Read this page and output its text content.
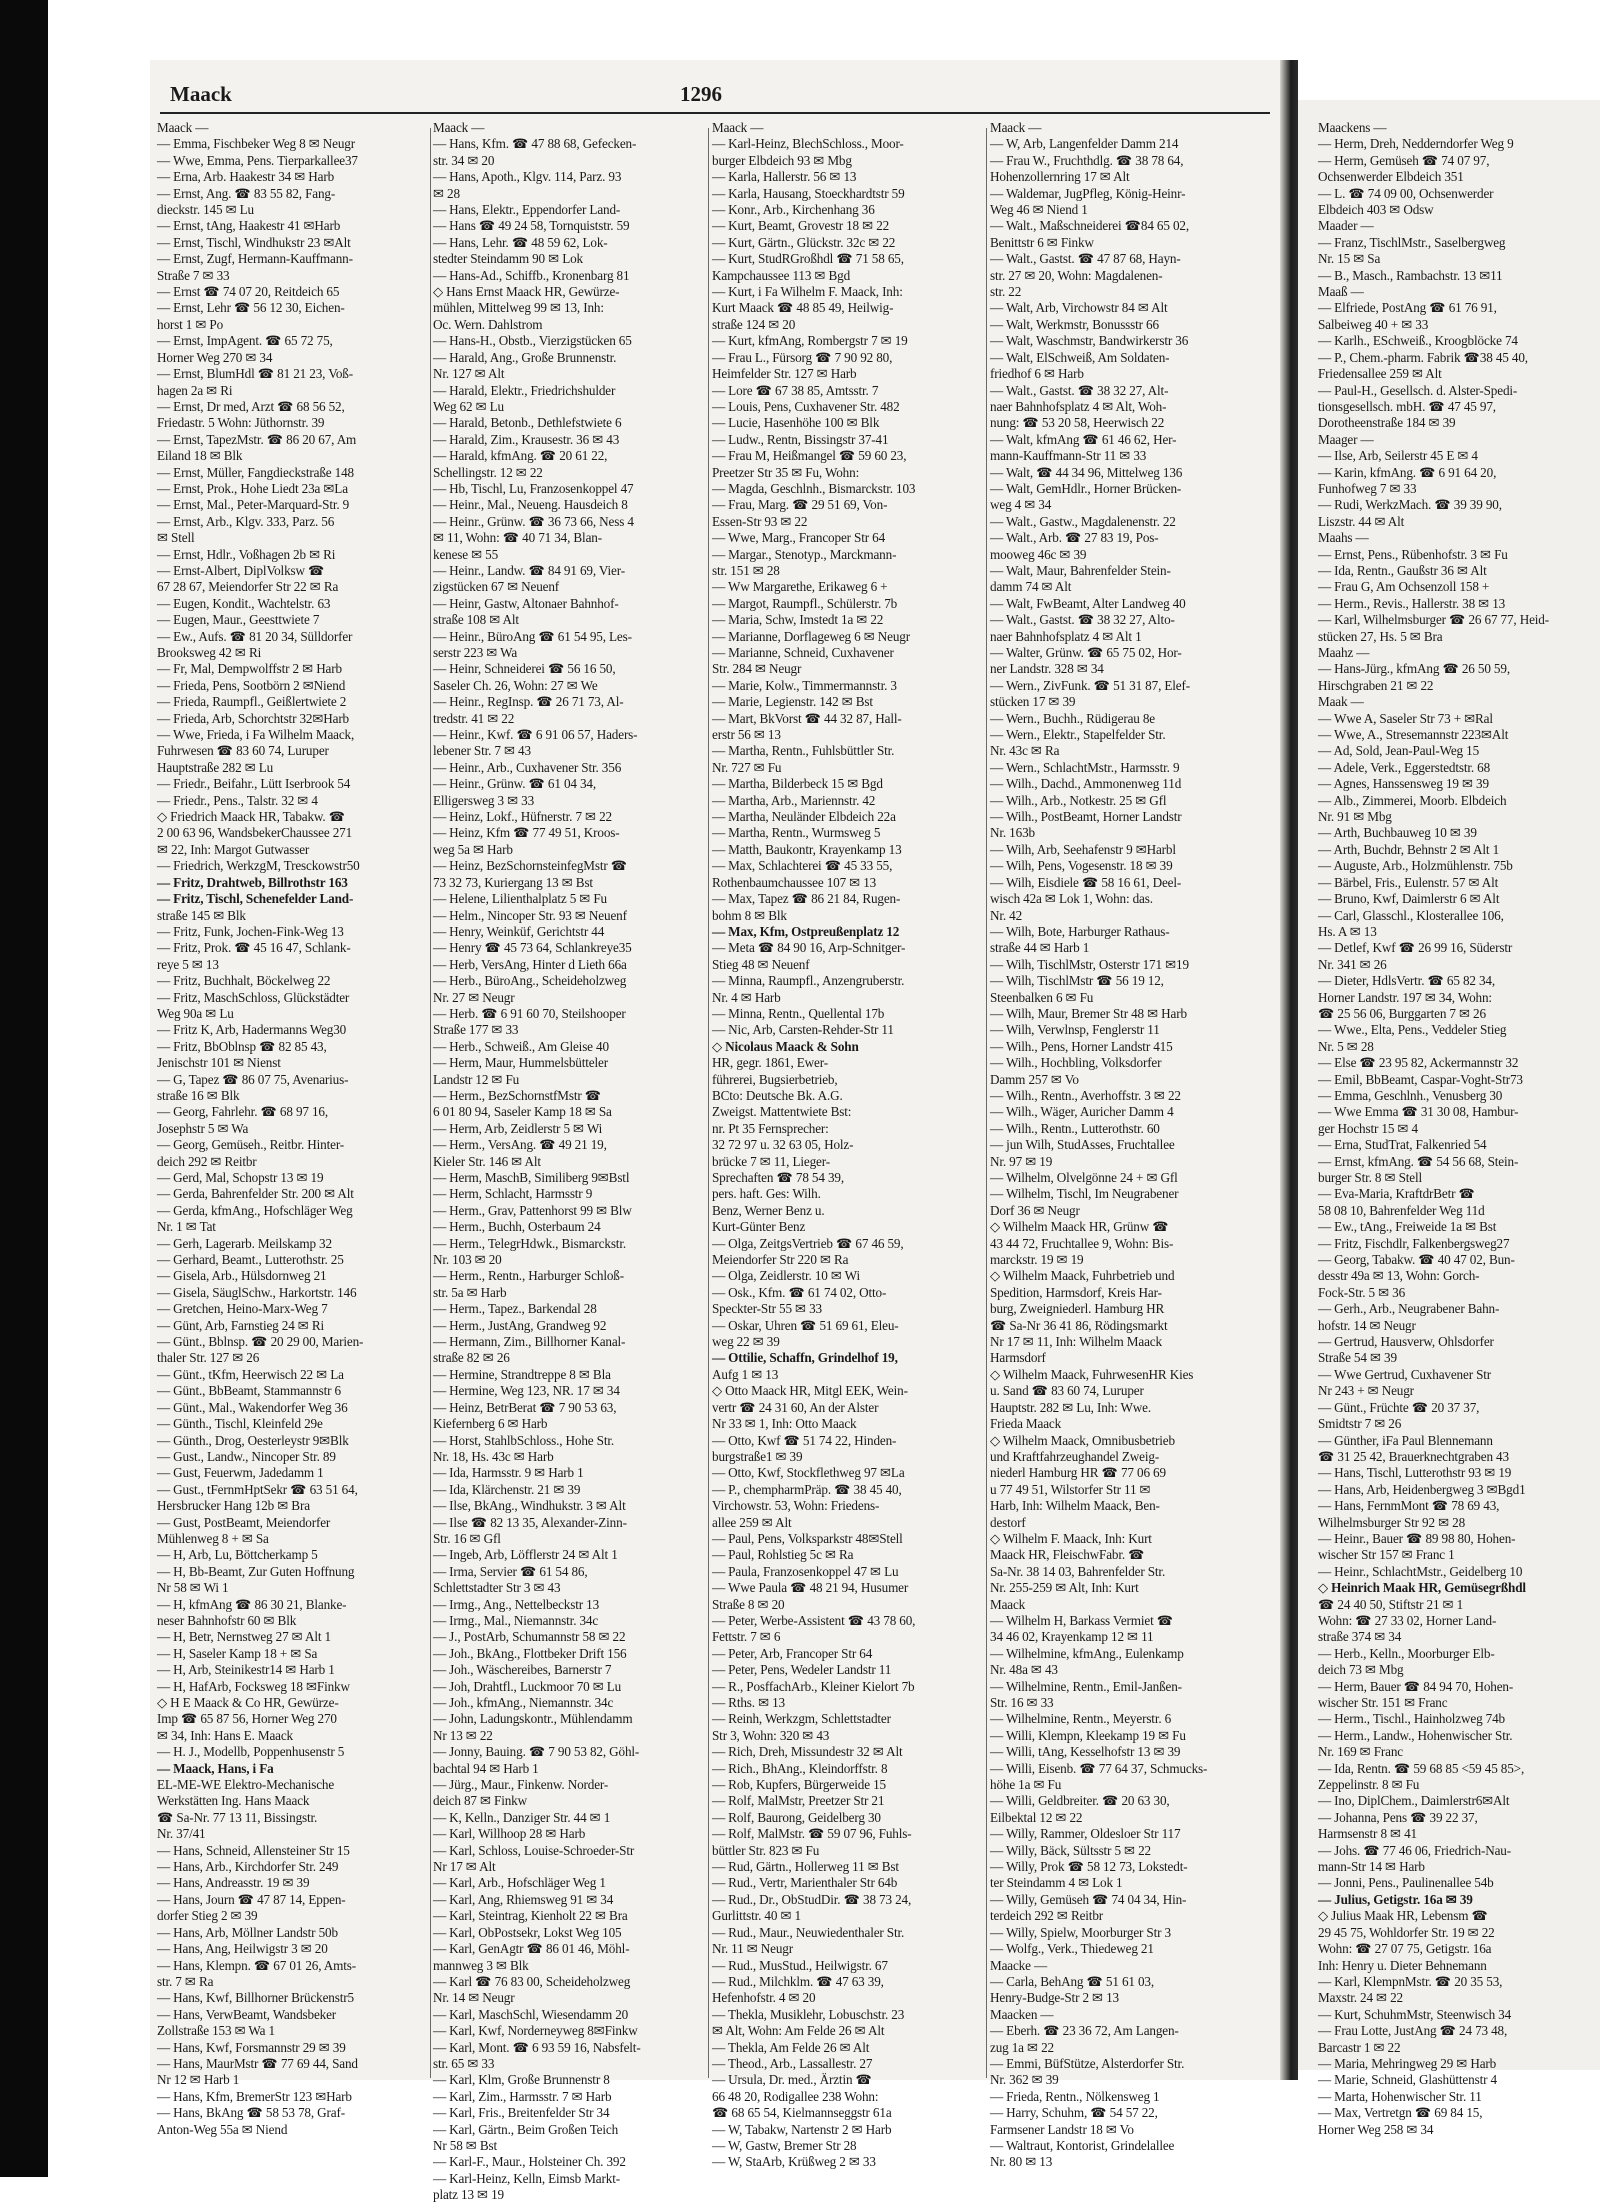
Maack	1296
Maack —
— Emma, Fischbeker Weg 8 ✉ Neugr
— Wwe, Emma, Pens. Tierparkallee37
— Erna, Arb. Haakestr 34 ✉ Harb
— Ernst, Ang. ☎ 83 55 82, Fang-
dieckstr. 145 ✉ Lu
— Ernst, tAng, Haakestr 41 ✉Harb
— Ernst, Tischl, Windhukstr 23 ✉Alt
— Ernst, Zugf, Hermann-Kauffmann-
Straße 7 ✉ 33
— Ernst ☎ 74 07 20, Reitdeich 65
— Ernst, Lehr ☎ 56 12 30, Eichen-
horst 1 ✉ Po
— Ernst, ImpAgent. ☎ 65 72 75,
Horner Weg 270 ✉ 34
— Ernst, BlumHdl ☎ 81 21 23, Voß-
hagen 2a ✉ Ri
— Ernst, Dr med, Arzt ☎ 68 56 52,
Friedastr. 5 Wohn: Jüthornstr. 39
— Ernst, TapezMstr. ☎ 86 20 67, Am
Eiland 18 ✉ Blk
— Ernst, Müller, Fangdieckstraße 148
— Ernst, Prok., Hohe Liedt 23a ✉La
— Ernst, Mal., Peter-Marquard-Str. 9
— Ernst, Arb., Klgv. 333, Parz. 56
✉ Stell
— Ernst, Hdlr., Voßhagen 2b ✉ Ri
— Ernst-Albert, DiplVolksw ☎
67 28 67, Meiendorfer Str 22 ✉ Ra
— Eugen, Kondit., Wachtelstr. 63
— Eugen, Maur., Geesttwiete 7
— Ew., Aufs. ☎ 81 20 34, Sülldorfer
Brooksweg 42 ✉ Ri
— Fr, Mal, Dempwolffstr 2 ✉ Harb
— Frieda, Pens, Sootbörn 2 ✉Niend
— Frieda, Raumpfl., Geißlertwiete 2
— Frieda, Arb, Schorchtstr 32✉Harb
— Wwe, Frieda, i Fa Wilhelm Maack,
Fuhrwesen ☎ 83 60 74, Luruper
Hauptstraße 282 ✉ Lu
— Friedr., Beifahr., Lütt Iserbrook 54
— Friedr., Pens., Talstr. 32 ✉ 4
◇ Friedrich Maack HR, Tabakw. ☎
2 00 63 96, WandsbekerChaussee 271
✉ 22, Inh: Margot Gutwasser
— Friedrich, WerkzgM, Tresckowstr50
— Fritz, Drahtweb, Billrothstr 163
— Fritz, Tischl, Schenefelder Land-
straße 145 ✉ Blk
— Fritz, Funk, Jochen-Fink-Weg 13
— Fritz, Prok. ☎ 45 16 47, Schlank-
reye 5 ✉ 13
— Fritz, Buchhalt, Böckelweg 22
— Fritz, MaschSchloss, Glückstädter
Weg 90a ✉ Lu
— Fritz K, Arb, Hadermanns Weg30
— Fritz, BbOblnsp ☎ 82 85 43,
Jenischstr 101 ✉ Nienst
— G, Tapez ☎ 86 07 75, Avenarius-
straße 16 ✉ Blk
— Georg, Fahrlehr. ☎ 68 97 16,
Josephstr 5 ✉ Wa
— Georg, Gemüseh., Reitbr. Hinter-
deich 292 ✉ Reitbr
— Gerd, Mal, Schopstr 13 ✉ 19
— Gerda, Bahrenfelder Str. 200 ✉ Alt
— Gerda, kfmAng., Hofschläger Weg
Nr. 1 ✉ Tat
— Gerh, Lagerarb. Meilskamp 32
— Gerhard, Beamt., Lutterothstr. 25
— Gisela, Arb., Hülsdornweg 21
— Gisela, SäuglSchw., Harkortstr. 146
— Gretchen, Heino-Marx-Weg 7
— Günt, Arb, Farnstieg 24 ✉ Ri
— Günt., Bblnsp. ☎ 20 29 00, Marien-
thaler Str. 127 ✉ 26
— Günt., tKfm, Heerwisch 22 ✉ La
— Günt., BbBeamt, Stammannstr 6
— Günt., Mal., Wakendorfer Weg 36
— Günth., Tischl, Kleinfeld 29e
— Günth., Drog, Oesterleystr 9✉Blk
— Gust., Landw., Nincoper Str. 89
— Gust, Feuerwm, Jadedamm 1
— Gust., tFernmHptSekr ☎ 63 51 64,
Hersbrucker Hang 12b ✉ Bra
— Gust, PostBeamt, Meiendorfer
Mühlenweg 8 + ✉ Sa
— H, Arb, Lu, Böttcherkamp 5
— H, Bb-Beamt, Zur Guten Hoffnung
Nr 58 ✉ Wi 1
— H, kfmAng ☎ 86 30 21, Blanke-
neser Bahnhofstr 60 ✉ Blk
— H, Betr, Nernstweg 27 ✉ Alt 1
— H, Saseler Kamp 18 + ✉ Sa
— H, Arb, Steinikestr14 ✉ Harb 1
— H, HafArb, Focksweg 18 ✉Finkw
◇ H E Maack & Co HR, Gewürze-
Imp ☎ 65 87 56, Horner Weg 270
✉ 34, Inh: Hans E. Maack
— H. J., Modellb, Poppenhusenstr 5
— Maack, Hans, i Fa
EL-ME-WE Elektro-Mechanische
Werkstätten Ing. Hans Maack
☎ Sa-Nr. 77 13 11, Bissingstr.
Nr. 37/41
— Hans, Schneid, Allensteiner Str 15
— Hans, Arb., Kirchdorfer Str. 249
— Hans, Andreasstr. 19 ✉ 39
— Hans, Journ ☎ 47 87 14, Eppen-
dorfer Stieg 2 ✉ 39
— Hans, Arb, Möllner Landstr 50b
— Hans, Ang, Heilwigstr 3 ✉ 20
— Hans, Klempn. ☎ 67 01 26, Amts-
str. 7 ✉ Ra
— Hans, Kwf, Billhorner Brückenstr5
— Hans, VerwBeamt, Wandsbeker
Zollstraße 153 ✉ Wa 1
— Hans, Kwf, Forsmannstr 29 ✉ 39
— Hans, MaurMstr ☎ 77 69 44, Sand
Nr 12 ✉ Harb 1
— Hans, Kfm, BremerStr 123 ✉Harb
— Hans, BkAng ☎ 58 53 78, Graf-
Anton-Weg 55a ✉ Niend
Maack —
— Hans, Kfm. ☎ 47 88 68, Gefecken-
str. 34 ✉ 20
— Hans, Apoth., Klgv. 114, Parz. 93
✉ 28
— Hans, Elektr., Eppendorfer Land-
— Hans ☎ 49 24 58, Tornquiststr. 59
— Hans, Lehr. ☎ 48 59 62, Lok-
stedter Steindamm 90 ✉ Lok
— Hans-Ad., Schiffb., Kronenbarg 81
◇ Hans Ernst Maack HR, Gewürze-
mühlen, Mittelweg 99 ✉ 13, Inh:
Oc. Wern. Dahlstrom
— Hans-H., Obstb., Vierzigstücken 65
— Harald, Ang., Große Brunnenstr.
Nr. 127 ✉ Alt
— Harald, Elektr., Friedrichshulder
Weg 62 ✉ Lu
— Harald, Betonb., Dethlefstwiete 6
— Harald, Zim., Krausestr. 36 ✉ 43
— Harald, kfmAng. ☎ 20 61 22,
Schellingstr. 12 ✉ 22
— Hb, Tischl, Lu, Franzosenkoppel 47
— Heinr., Mal., Neueng. Hausdeich 8
— Heinr., Grünw. ☎ 36 73 66, Ness 4
✉ 11, Wohn: ☎ 40 71 34, Blan-
kenese ✉ 55
— Heinr., Landw. ☎ 84 91 69, Vier-
zigstücken 67 ✉ Neuenf
— Heinr, Gastw, Altonaer Bahnhof-
straße 108 ✉ Alt
— Heinr., BüroAng ☎ 61 54 95, Les-
serstr 223 ✉ Wa
— Heinr, Schneiderei ☎ 56 16 50,
Saseler Ch. 26, Wohn: 27 ✉ We
— Heinr., RegInsp. ☎ 26 71 73, Al-
tredstr. 41 ✉ 22
— Heinr., Kwf. ☎ 6 91 06 57, Haders-
lebener Str. 7 ✉ 43
— Heinr., Arb., Cuxhavener Str. 356
— Heinr., Grünw. ☎ 61 04 34,
Elligersweg 3 ✉ 33
— Heinz, Lokf., Hüfnerstr. 7 ✉ 22
— Heinz, Kfm ☎ 77 49 51, Kroos-
weg 5a ✉ Harb
— Heinz, BezSchornsteinfegMstr ☎
73 32 73, Kuriergang 13 ✉ Bst
— Helene, Lilienthalplatz 5 ✉ Fu
— Helm., Nincoper Str. 93 ✉ Neuenf
— Henry, Weinküf, Gerichtstr 44
— Henry ☎ 45 73 64, Schlankreye35
— Herb, VersAng, Hinter d Lieth 66a
— Herb., BüroAng., Scheideholzweg
Nr. 27 ✉ Neugr
— Herb. ☎ 6 91 60 70, Steilshooper
Straße 177 ✉ 33
— Herb., Schweiß., Am Gleise 40
— Herm, Maur, Hummelsbütteler
Landstr 12 ✉ Fu
— Herm., BezSchornstfMstr ☎
6 01 80 94, Saseler Kamp 18 ✉ Sa
— Herm, Arb, Zeidlerstr 5 ✉ Wi
— Herm., VersAng. ☎ 49 21 19,
Kieler Str. 146 ✉ Alt
— Herm, MaschB, Similiberg 9✉Bstl
— Herm, Schlacht, Harmsstr 9
— Herm., Grav, Pattenhorst 99 ✉ Blw
— Herm., Buchh, Osterbaum 24
— Herm., TelegrHdwk., Bismarckstr.
Nr. 103 ✉ 20
— Herm., Rentn., Harburger Schloß-
str. 5a ✉ Harb
— Herm., Tapez., Barkendal 28
— Herm., JustAng, Grandweg 92
— Hermann, Zim., Billhorner Kanal-
straße 82 ✉ 26
— Hermine, Strandtreppe 8 ✉ Bla
— Hermine, Weg 123, NR. 17 ✉ 34
— Heinz, BetrBerat ☎ 7 90 53 63,
Kiefernberg 6 ✉ Harb
— Horst, StahlbSchloss., Hohe Str.
Nr. 18, Hs. 43c ✉ Harb
— Ida, Harmsstr. 9 ✉ Harb 1
— Ida, Klärchenstr. 21 ✉ 39
— Ilse, BkAng., Windhukstr. 3 ✉ Alt
— Ilse ☎ 82 13 35, Alexander-Zinn-
Str. 16 ✉ Gfl
— Ingeb, Arb, Löfflerstr 24 ✉ Alt 1
— Irma, Servier ☎ 61 54 86,
Schlettstadter Str 3 ✉ 43
— Irmg., Ang., Nettelbeckstr 13
— Irmg., Mal., Niemannstr. 34c
— J., PostArb, Schumannstr 58 ✉ 22
— Joh., BkAng., Flottbeker Drift 156
— Joh., Wäschereibes, Barnerstr 7
— Joh, Drahtfl., Luckmoor 70 ✉ Lu
— Joh., kfmAng., Niemannstr. 34c
— John, Ladungskontr., Mühlendamm
Nr 13 ✉ 22
— Jonny, Bauing. ☎ 7 90 53 82, Göhl-
bachtal 94 ✉ Harb 1
— Jürg., Maur., Finkenw. Norder-
deich 87 ✉ Finkw
— K, Kelln., Danziger Str. 44 ✉ 1
— Karl, Willhoop 28 ✉ Harb
— Karl, Schloss, Louise-Schroeder-Str
Nr 17 ✉ Alt
— Karl, Arb., Hofschläger Weg 1
— Karl, Ang, Rhiemsweg 91 ✉ 34
— Karl, Steintrag, Kienholt 22 ✉ Bra
— Karl, ObPostsekr, Lokst Weg 105
— Karl, GenAgtr ☎ 86 01 46, Möhl-
mannweg 3 ✉ Blk
— Karl ☎ 76 83 00, Scheideholzweg
Nr. 14 ✉ Neugr
— Karl, MaschSchl, Wiesendamm 20
— Karl, Kwf, Norderneyweg 8✉Finkw
— Karl, Mont. ☎ 6 93 59 16, Nabsfelt-
str. 65 ✉ 33
— Karl, Klm, Große Brunnenstr 8
— Karl, Zim., Harmsstr. 7 ✉ Harb
— Karl, Fris., Breitenfelder Str 34
— Karl, Gärtn., Beim Großen Teich
Nr 58 ✉ Bst
— Karl-F., Maur., Holsteiner Ch. 392
— Karl-Heinz, Kelln, Eimsb Markt-
platz 13 ✉ 19
Maack —
— Karl-Heinz, BlechSchloss., Moor-
burger Elbdeich 93 ✉ Mbg
— Karla, Hallerstr. 56 ✉ 13
— Karla, Hausang, Stoeckhardtstr 59
— Konr., Arb., Kirchenhang 36
— Kurt, Beamt, Grovestr 18 ✉ 22
— Kurt, Gärtn., Glückstr. 32c ✉ 22
— Kurt, StudRGroßhdl ☎ 71 58 65,
Kampchaussee 113 ✉ Bgd
— Kurt, i Fa Wilhelm F. Maack, Inh:
Kurt Maack ☎ 48 85 49, Heilwig-
straße 124 ✉ 20
— Kurt, kfmAng, Rombergstr 7 ✉ 19
— Frau L., Fürsorg ☎ 7 90 92 80,
Heimfelder Str. 127 ✉ Harb
— Lore ☎ 67 38 85, Amtsstr. 7
— Louis, Pens, Cuxhavener Str. 482
— Lucie, Hasenhöhe 100 ✉ Blk
— Ludw., Rentn, Bissingstr 37-41
— Frau M, Heißmangel ☎ 59 60 23,
Preetzer Str 35 ✉ Fu, Wohn:
— Magda, Geschlnh., Bismarckstr. 103
— Frau, Marg. ☎ 29 51 69, Von-
Essen-Str 93 ✉ 22
— Wwe, Marg., Francoper Str 64
— Margar., Stenotyp., Marckmann-
str. 151 ✉ 28
— Ww Margarethe, Erikaweg 6 +
— Margot, Raumpfl., Schülerstr. 7b
— Maria, Schw, Imstedt 1a ✉ 22
— Marianne, Dorflageweg 6 ✉ Neugr
— Marianne, Schneid, Cuxhavener
Str. 284 ✉ Neugr
— Marie, Kolw., Timmermannstr. 3
— Marie, Legienstr. 142 ✉ Bst
— Mart, BkVorst ☎ 44 32 87, Hall-
erstr 56 ✉ 13
— Martha, Rentn., Fuhlsbüttler Str.
Nr. 727 ✉ Fu
— Martha, Bilderbeck 15 ✉ Bgd
— Martha, Arb., Mariennstr. 42
— Martha, Neuländer Elbdeich 22a
— Martha, Rentn., Wurmsweg 5
— Matth, Baukontr, Krayenkamp 13
— Max, Schlachterei ☎ 45 33 55,
Rothenbaumchaussee 107 ✉ 13
— Max, Tapez ☎ 86 21 84, Rugen-
bohm 8 ✉ Blk
— Max, Kfm, Ostpreußenplatz 12
— Meta ☎ 84 90 16, Arp-Schnitger-
Stieg 48 ✉ Neuenf
— Minna, Raumpfl., Anzengruberstr.
Nr. 4 ✉ Harb
— Minna, Rentn., Quellental 17b
— Nic, Arb, Carsten-Rehder-Str 11
◇ Nicolaus Maack & Sohn
HR, gegr. 1861, Ewer-
führerei, Bugsierbetrieb,
BCto: Deutsche Bk. A.G.
Zweigst. Mattentwiete Bst:
nr. Pt 35 Fernsprecher:
32 72 97 u. 32 63 05, Holz-
brücke 7 ✉ 11, Lieger-
Sprechaften ☎ 78 54 39,
pers. haft. Ges: Wilh.
Benz, Werner Benz u.
Kurt-Günter Benz
— Olga, ZeitgsVertrieb ☎ 67 46 59,
Meiendorfer Str 220 ✉ Ra
— Olga, Zeidlerstr. 10 ✉ Wi
— Osk., Kfm. ☎ 61 74 02, Otto-
Speckter-Str 55 ✉ 33
— Oskar, Uhren ☎ 51 69 61, Eleu-
weg 22 ✉ 39
— Ottilie, Schaffn, Grindelhof 19,
Aufg 1 ✉ 13
◇ Otto Maack HR, Mitgl EEK, Wein-
vertr ☎ 24 31 60, An der Alster
Nr 33 ✉ 1, Inh: Otto Maack
— Otto, Kwf ☎ 51 74 22, Hinden-
burgstraße1 ✉ 39
— Otto, Kwf, Stockflethweg 97 ✉La
— P., chempharmPräp. ☎ 38 45 40,
Virchowstr. 53, Wohn: Friedens-
allee 259 ✉ Alt
— Paul, Pens, Volksparkstr 48✉Stell
— Paul, Rohlstieg 5c ✉ Ra
— Paula, Franzosenkoppel 47 ✉ Lu
— Wwe Paula ☎ 48 21 94, Husumer
Straße 8 ✉ 20
— Peter, Werbe-Assistent ☎ 43 78 60,
Fettstr. 7 ✉ 6
— Peter, Arb, Francoper Str 64
— Peter, Pens, Wedeler Landstr 11
— R., PosffachArb., Kleiner Kielort 7b
— Rths. ✉ 13
— Reinh, Werkzgm, Schlettstadter
Str 3, Wohn: 320 ✉ 43
— Rich, Dreh, Missundestr 32 ✉ Alt
— Rich., BhAng., Kleindorffstr. 8
— Rob, Kupfers, Bürgerweide 15
— Rolf, MalMstr, Preetzer Str 21
— Rolf, Baurong, Geidelberg 30
— Rolf, MalMstr. ☎ 59 07 96, Fuhls-
büttler Str. 823 ✉ Fu
— Rud, Gärtn., Hollerweg 11 ✉ Bst
— Rud., Vertr, Marienthaler Str 64b
— Rud., Dr., ObStudDir. ☎ 38 73 24,
Gurlittstr. 40 ✉ 1
— Rud., Maur., Neuwiedenthaler Str.
Nr. 11 ✉ Neugr
— Rud., MusStud., Heilwigstr. 67
— Rud., Milchklm. ☎ 47 63 39,
Hefenhofstr. 4 ✉ 20
— Thekla, Musiklehr, Lobuschstr. 23
✉ Alt, Wohn: Am Felde 26 ✉ Alt
— Thekla, Am Felde 26 ✉ Alt
— Theod., Arb., Lassallestr. 27
— Ursula, Dr. med., Ärztin ☎
66 48 20, Rodigallee 238 Wohn:
☎ 68 65 54, Kielmannseggstr 61a
— W, Tabakw, Nartenstr 2 ✉ Harb
— W, Gastw, Bremer Str 28
— W, StaArb, Krüßweg 2 ✉ 33
Maack —
— W, Arb, Langenfelder Damm 214
— Frau W., Fruchthdlg. ☎ 38 78 64,
Hohenzollernring 17 ✉ Alt
— Waldemar, JugPfleg, König-Heinr-
Weg 46 ✉ Niend 1
— Walt., Maßschneiderei ☎84 65 02,
Benittstr 6 ✉ Finkw
— Walt., Gastst. ☎ 47 87 68, Hayn-
str. 27 ✉ 20, Wohn: Magdalenen-
str. 22
— Walt, Arb, Virchowstr 84 ✉ Alt
— Walt, Werkmstr, Bonussstr 66
— Walt, Waschmstr, Bandwirkerstr 36
— Walt, ElSchweiß, Am Soldaten-
friedhof 6 ✉ Harb
— Walt., Gastst. ☎ 38 32 27, Alt-
naer Bahnhofsplatz 4 ✉ Alt, Woh-
nung: ☎ 53 20 58, Heerwisch 22
— Walt, kfmAng ☎ 61 46 62, Her-
mann-Kauffmann-Str 11 ✉ 33
— Walt, ☎ 44 34 96, Mittelweg 136
— Walt, GemHdlr., Horner Brücken-
weg 4 ✉ 34
— Walt., Gastw., Magdalenenstr. 22
— Walt., Arb. ☎ 27 83 19, Pos-
mooweg 46c ✉ 39
— Walt, Maur, Bahrenfelder Stein-
damm 74 ✉ Alt
— Walt, FwBeamt, Alter Landweg 40
— Walt., Gastst. ☎ 38 32 27, Alto-
naer Bahnhofsplatz 4 ✉ Alt 1
— Walter, Grünw. ☎ 65 75 02, Hor-
ner Landstr. 328 ✉ 34
— Wern., ZivFunk. ☎ 51 31 87, Elef-
stücken 17 ✉ 39
— Wern., Buchh., Rüdigerau 8e
— Wern., Elektr., Stapelfelder Str.
Nr. 43c ✉ Ra
— Wern., SchlachtMstr., Harmsstr. 9
— Wilh., Dachd., Ammonenweg 11d
— Wilh., Arb., Notkestr. 25 ✉ Gfl
— Wilh., PostBeamt, Horner Landstr
Nr. 163b
— Wilh, Arb, Seehafenstr 9 ✉Harbl
— Wilh, Pens, Vogesenstr. 18 ✉ 39
— Wilh, Eisdiele ☎ 58 16 61, Deel-
wisch 42a ✉ Lok 1, Wohn: das.
Nr. 42
— Wilh, Bote, Harburger Rathaus-
straße 44 ✉ Harb 1
— Wilh, TischlMstr, Osterstr 171 ✉19
— Wilh, TischlMstr ☎ 56 19 12,
Steenbalken 6 ✉ Fu
— Wilh, Maur, Bremer Str 48 ✉ Harb
— Wilh, Verwlnsp, Fenglerstr 11
— Wilh., Pens, Horner Landstr 415
— Wilh., Hochbling, Volksdorfer
Damm 257 ✉ Vo
— Wilh., Rentn., Averhoffstr. 3 ✉ 22
— Wilh., Wäger, Auricher Damm 4
— Wilh., Rentn., Lutterothstr. 60
— jun Wilh, StudAsses, Fruchtallee
Nr. 97 ✉ 19
— Wilhelm, Olvelgönne 24 + ✉ Gfl
— Wilhelm, Tischl, Im Neugrabener
Dorf 36 ✉ Neugr
◇ Wilhelm Maack HR, Grünw ☎
43 44 72, Fruchtallee 9, Wohn: Bis-
marckstr. 19 ✉ 19
◇ Wilhelm Maack, Fuhrbetrieb und
Spedition, Harmsdorf, Kreis Har-
burg, Zweigniederl. Hamburg HR
☎ Sa-Nr 36 41 86, Rödingsmarkt
Nr 17 ✉ 11, Inh: Wilhelm Maack
Harmsdorf
◇ Wilhelm Maack, FuhrwesenHR Kies
u. Sand ☎ 83 60 74, Luruper
Hauptstr. 282 ✉ Lu, Inh: Wwe.
Frieda Maack
◇ Wilhelm Maack, Omnibusbetrieb
und Kraftfahrzeughandel Zweig-
niederl Hamburg HR ☎ 77 06 69
u 77 49 51, Wilstorfer Str 11 ✉
Harb, Inh: Wilhelm Maack, Ben-
destorf
◇ Wilhelm F. Maack, Inh: Kurt
Maack HR, FleischwFabr. ☎
Sa-Nr. 38 14 03, Bahrenfelder Str.
Nr. 255-259 ✉ Alt, Inh: Kurt
Maack
— Wilhelm H, Barkass Vermiet ☎
34 46 02, Krayenkamp 12 ✉ 11
— Wilhelmine, kfmAng., Eulenkamp
Nr. 48a ✉ 43
— Wilhelmine, Rentn., Emil-Janßen-
Str. 16 ✉ 33
— Wilhelmine, Rentn., Meyerstr. 6
— Willi, Klempn, Kleekamp 19 ✉ Fu
— Willi, tAng, Kesselhofstr 13 ✉ 39
— Willi, Eisenb. ☎ 77 64 37, Schmucks-
höhe 1a ✉ Fu
— Willi, Geldbreiter. ☎ 20 63 30,
Eilbektal 12 ✉ 22
— Willy, Rammer, Oldesloer Str 117
— Willy, Bäck, Sültsstr 5 ✉ 22
— Willy, Prok ☎ 58 12 73, Lokstedt-
ter Steindamm 4 ✉ Lok 1
— Willy, Gemüseh ☎ 74 04 34, Hin-
terdeich 292 ✉ Reitbr
— Willy, Spielw, Moorburger Str 3
— Wolfg., Verk., Thiedeweg 21
Maacke —
— Carla, BehAng ☎ 51 61 03,
Henry-Budge-Str 2 ✉ 13
Maacken —
— Eberh. ☎ 23 36 72, Am Langen-
zug 1a ✉ 22
— Emmi, BüfStütze, Alsterdorfer Str.
Nr. 362 ✉ 39
— Frieda, Rentn., Nölkensweg 1
— Harry, Schuhm, ☎ 54 57 22,
Farmsener Landstr 18 ✉ Vo
— Waltraut, Kontorist, Grindelallee
Nr. 80 ✉ 13
Maackens —
— Herm, Dreh, Nedderndorfer Weg 9
— Herm, Gemüseh ☎ 74 07 97,
Ochsenwerder Elbdeich 351
— L. ☎ 74 09 00, Ochsenwerder
Elbdeich 403 ✉ Odsw
Maader —
— Franz, TischlMstr., Saselbergweg
Nr. 15 ✉ Sa
— B., Masch., Rambachstr. 13 ✉11
Maaß —
— Elfriede, PostAng ☎ 61 76 91,
Salbeiweg 40 + ✉ 33
— Karlh., ESchweiß., Kroogblöcke 74
— P., Chem.-pharm. Fabrik ☎38 45 40,
Friedensallee 259 ✉ Alt
— Paul-H., Gesellsch. d. Alster-Spedi-
tionsgesellsch. mbH. ☎ 47 45 97,
Dorotheenstraße 184 ✉ 39
Maager —
— Ilse, Arb, Seilerstr 45 E ✉ 4
— Karin, kfmAng. ☎ 6 91 64 20,
Funhofweg 7 ✉ 33
— Rudi, WerkzMach. ☎ 39 39 90,
Liszstr. 44 ✉ Alt
Maahs —
— Ernst, Pens., Rübenhofstr. 3 ✉ Fu
— Ida, Rentn., Gaußstr 36 ✉ Alt
— Frau G, Am Ochsenzoll 158 +
— Herm., Revis., Hallerstr. 38 ✉ 13
— Karl, Wilhelmsburger ☎ 26 67 77, Heid-
stücken 27, Hs. 5 ✉ Bra
Maahz —
— Hans-Jürg., kfmAng ☎ 26 50 59,
Hirschgraben 21 ✉ 22
Maak —
— Wwe A, Saseler Str 73 + ✉Ral
— Wwe, A., Stresemannstr 223✉Alt
— Ad, Sold, Jean-Paul-Weg 15
— Adele, Verk., Eggerstedtstr. 68
— Agnes, Hanssensweg 19 ✉ 39
— Alb., Zimmerei, Moorb. Elbdeich
Nr. 91 ✉ Mbg
— Arth, Buchbauweg 10 ✉ 39
— Arth, Buchdr, Behnstr 2 ✉ Alt 1
— Auguste, Arb., Holzmühlenstr. 75b
— Bärbel, Fris., Eulenstr. 57 ✉ Alt
— Bruno, Kwf, Daimlerstr 6 ✉ Alt
— Carl, Glasschl., Klosterallee 106,
Hs. A ✉ 13
— Detlef, Kwf ☎ 26 99 16, Süderstr
Nr. 341 ✉ 26
— Dieter, HdlsVertr. ☎ 65 82 34,
Horner Landstr. 197 ✉ 34, Wohn:
☎ 25 56 06, Burggarten 7 ✉ 26
— Wwe., Elta, Pens., Veddeler Stieg
Nr. 5 ✉ 28
— Else ☎ 23 95 82, Ackermannstr 32
— Emil, BbBeamt, Caspar-Voght-Str73
— Emma, Geschlnh., Venusberg 30
— Wwe Emma ☎ 31 30 08, Hambur-
ger Hochstr 15 ✉ 4
— Erna, StudTrat, Falkenried 54
— Ernst, kfmAng. ☎ 54 56 68, Stein-
burger Str. 8 ✉ Stell
— Eva-Maria, KraftdrBetr ☎
58 08 10, Bahrenfelder Weg 11d
— Ew., tAng., Freiweide 1a ✉ Bst
— Fritz, Fischdlr, Falkenbergsweg27
— Georg, Tabakw. ☎ 40 47 02, Bun-
desstr 49a ✉ 13, Wohn: Gorch-
Fock-Str. 5 ✉ 36
— Gerh., Arb., Neugrabener Bahn-
hofstr. 14 ✉ Neugr
— Gertrud, Hausverw, Ohlsdorfer
Straße 54 ✉ 39
— Wwe Gertrud, Cuxhavener Str
Nr 243 + ✉ Neugr
— Günt., Früchte ☎ 20 37 37,
Smidtstr 7 ✉ 26
— Günther, iFa Paul Blennemann
☎ 31 25 42, Brauerknechtgraben 43
— Hans, Tischl, Lutterothstr 93 ✉ 19
— Hans, Arb, Heidenbergweg 3 ✉Bgd1
— Hans, FernmMont ☎ 78 69 43,
Wilhelmsburger Str 92 ✉ 28
— Heinr., Bauer ☎ 89 98 80, Hohen-
wischer Str 157 ✉ Franc 1
— Heinr., SchlachtMstr., Geidelberg 10
◇ Heinrich Maak HR, Gemüsegrßhdl
☎ 24 40 50, Stiftstr 21 ✉ 1
Wohn: ☎ 27 33 02, Horner Land-
straße 374 ✉ 34
— Herb., Kelln., Moorburger Elb-
deich 73 ✉ Mbg
— Herm, Bauer ☎ 84 94 70, Hohen-
wischer Str. 151 ✉ Franc
— Herm., Tischl., Hainholzweg 74b
— Herm., Landw., Hohenwischer Str.
Nr. 169 ✉ Franc
— Ida, Rentn. ☎ 59 68 85 <59 45 85>,
Zeppelinstr. 8 ✉ Fu
— Ino, DiplChem., Daimlerstr6✉Alt
— Johanna, Pens ☎ 39 22 37,
Harmsenstr 8 ✉ 41
— Johs. ☎ 77 46 06, Friedrich-Nau-
mann-Str 14 ✉ Harb
— Jonni, Pens., Paulinenallee 54b
— Julius, Getigstr. 16a ✉ 39
◇ Julius Maak HR, Lebensm ☎
29 45 75, Wohldorfer Str. 19 ✉ 22
Wohn: ☎ 27 07 75, Getigstr. 16a
Inh: Henry u. Dieter Behnemann
— Karl, KlempnMstr. ☎ 20 35 53,
Maxstr. 24 ✉ 22
— Kurt, SchuhmMstr, Steenwisch 34
— Frau Lotte, JustAng ☎ 24 73 48,
Barcastr 1 ✉ 22
— Maria, Mehringweg 29 ✉ Harb
— Marie, Schneid, Glashüttenstr 4
— Marta, Hohenwischer Str. 11
— Max, Vertretgn ☎ 69 84 15,
Horner Weg 258 ✉ 34
